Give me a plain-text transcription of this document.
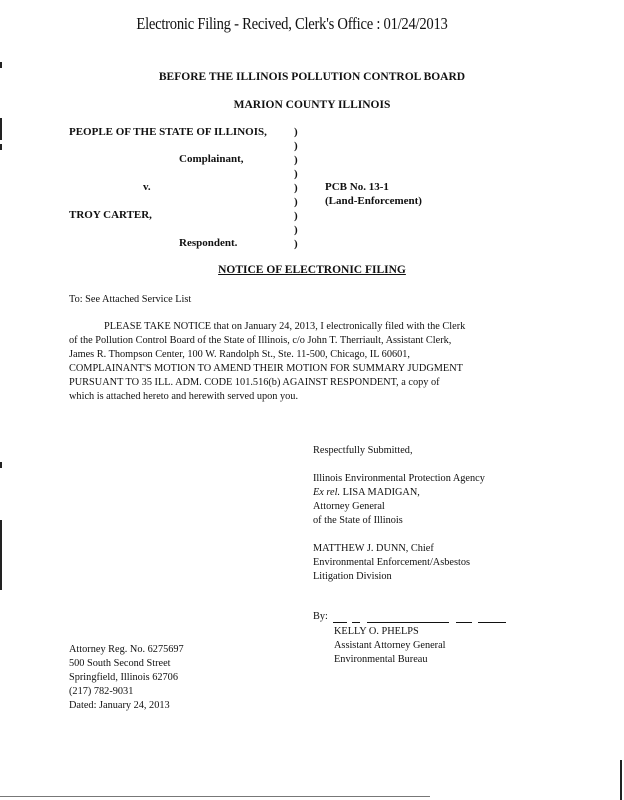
Electronic Filing - Recived, Clerk's Office : 01/24/2013
BEFORE THE ILLINOIS POLLUTION CONTROL BOARD
MARION COUNTY ILLINOIS
PEOPLE OF THE STATE OF ILLINOIS,
Complainant,
v.
TROY CARTER,
Respondent.
)
)
)
)
)
)
)
)
)
PCB No. 13-1
(Land-Enforcement)
NOTICE OF ELECTRONIC FILING
To: See Attached Service List
PLEASE TAKE NOTICE that on January 24, 2013, I electronically filed with the Clerk
of the Pollution Control Board of the State of Illinois, c/o John T. Therriault, Assistant Clerk,
James R. Thompson Center, 100 W. Randolph St., Ste. 11-500, Chicago, IL 60601,
COMPLAINANT'S MOTION TO AMEND THEIR MOTION FOR SUMMARY JUDGMENT
PURSUANT TO 35 ILL. ADM. CODE 101.516(b) AGAINST RESPONDENT, a copy of
which is attached hereto and herewith served upon you.
Respectfully Submitted,
Illinois Environmental Protection Agency
Ex rel. LISA MADIGAN,
Attorney General
of the State of Illinois
MATTHEW J. DUNN, Chief
Environmental Enforcement/Asbestos
Litigation Division
By:
KELLY O. PHELPS
Assistant Attorney General
Environmental Bureau
Attorney Reg. No. 6275697
500 South Second Street
Springfield, Illinois 62706
(217) 782-9031
Dated: January 24, 2013
